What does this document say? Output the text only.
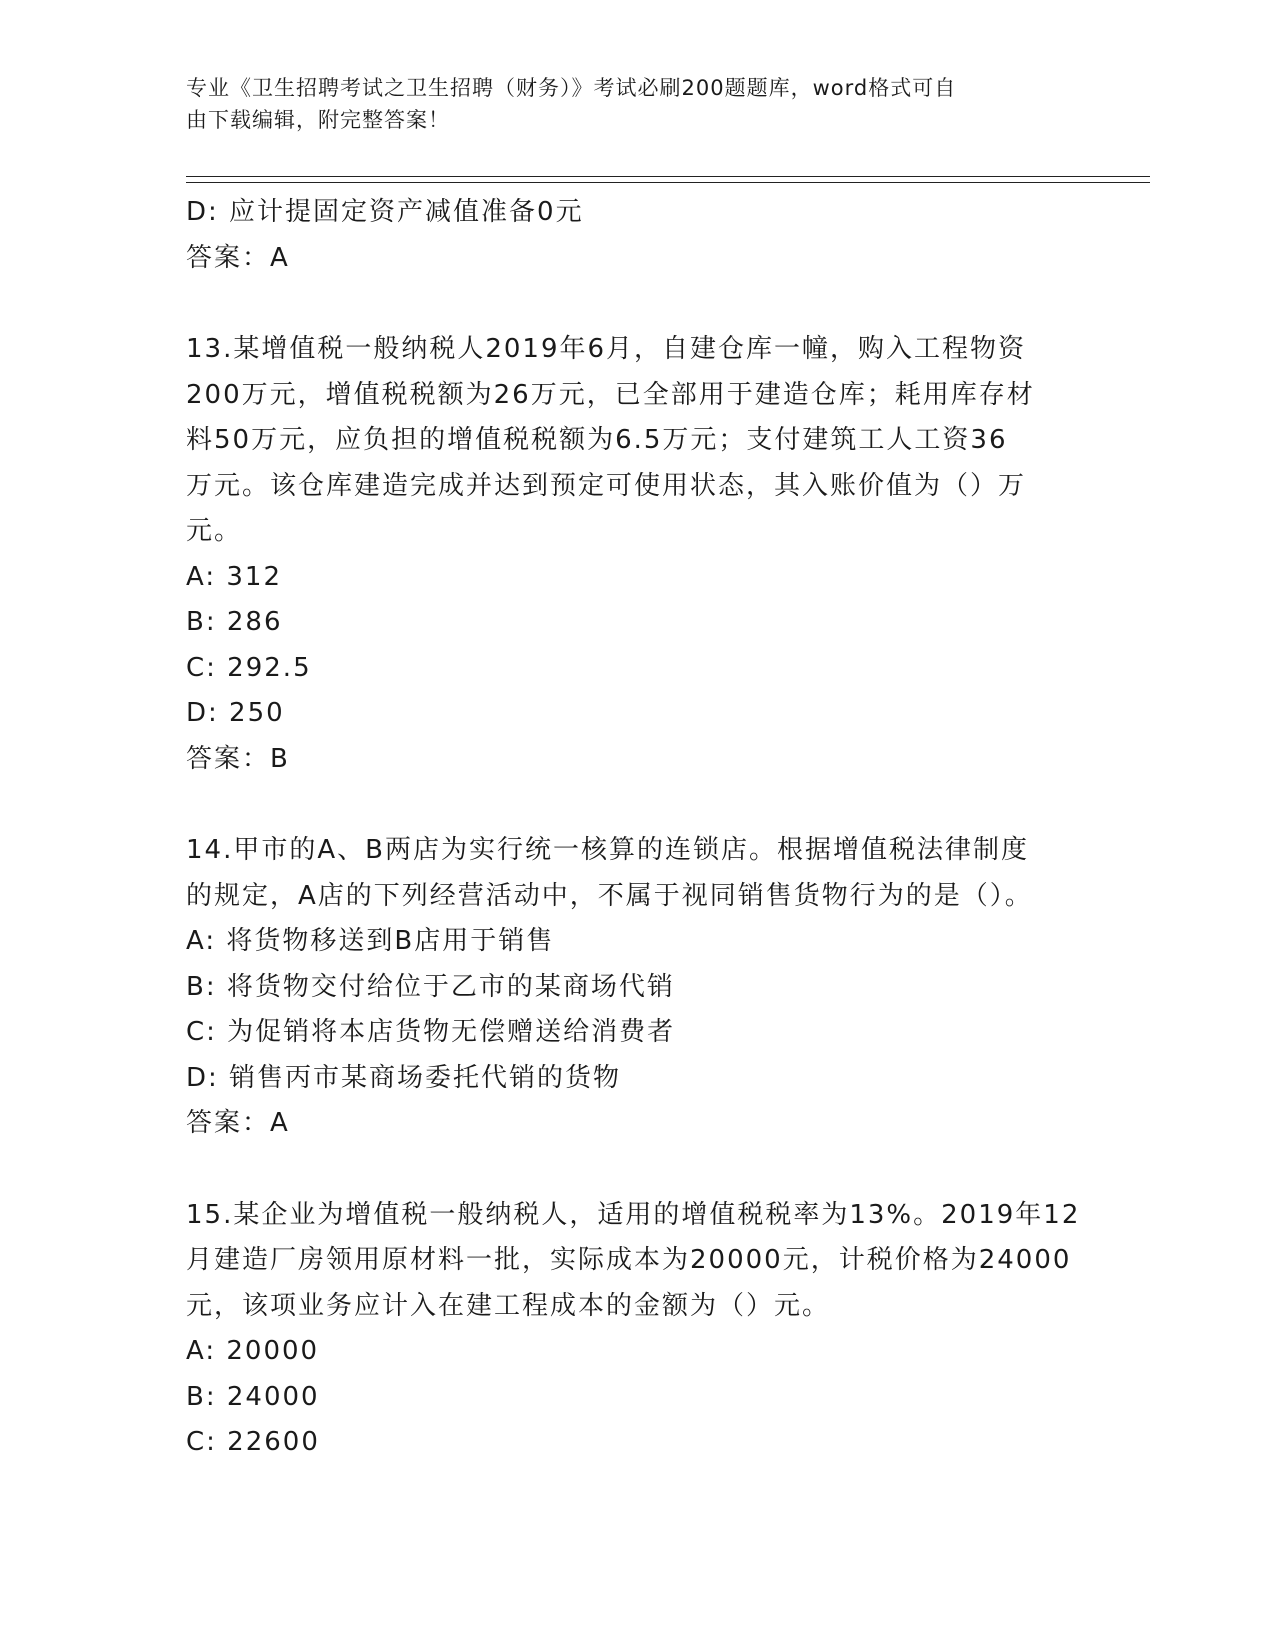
专业《卫生招聘考试之卫生招聘（财务）》考试必刷200题题库，word格式可自
由下载编辑，附完整答案！
D: 应计提固定资产减值准备0元
答案：A
13.某增值税一般纳税人2019年6月，自建仓库一幢，购入工程物资
200万元，增值税税额为26万元，已全部用于建造仓库；耗用库存材
料50万元，应负担的增值税税额为6.5万元；支付建筑工人工资36
万元。该仓库建造完成并达到预定可使用状态，其入账价值为（）万
元。
A: 312
B: 286
C: 292.5
D: 250
答案：B
14.甲市的A、B两店为实行统一核算的连锁店。根据增值税法律制度
的规定，A店的下列经营活动中，不属于视同销售货物行为的是（）。
A: 将货物移送到B店用于销售
B: 将货物交付给位于乙市的某商场代销
C: 为促销将本店货物无偿赠送给消费者
D: 销售丙市某商场委托代销的货物
答案：A
15.某企业为增值税一般纳税人，适用的增值税税率为13%。2019年12
月建造厂房领用原材料一批，实际成本为20000元，计税价格为24000
元，该项业务应计入在建工程成本的金额为（）元。
A: 20000
B: 24000
C: 22600
